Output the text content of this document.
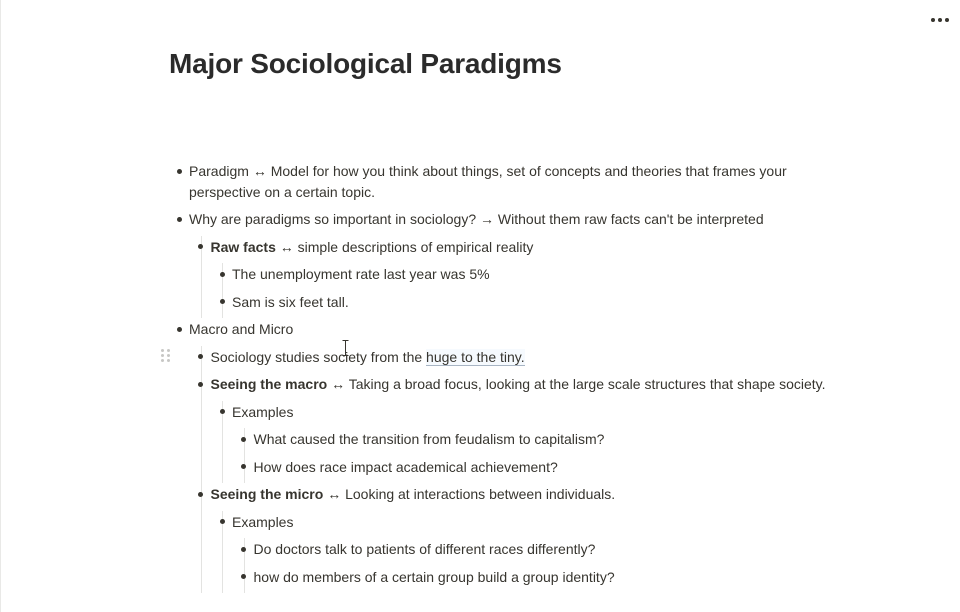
Major Sociological Paradigms
Paradigm ↔ Model for how you think about things, set of concepts and theories that frames your perspective on a certain topic.
Why are paradigms so important in sociology? → Without them raw facts can't be interpreted
Raw facts ↔ simple descriptions of empirical reality
The unemployment rate last year was 5%
Sam is six feet tall.
Macro and Micro
Sociology studies society from the huge to the tiny.
Seeing the macro ↔ Taking a broad focus, looking at the large scale structures that shape society.
Examples
What caused the transition from feudalism to capitalism?
How does race impact academical achievement?
Seeing the micro ↔ Looking at interactions between individuals.
Examples
Do doctors talk to patients of different races differently?
how do members of a certain group build a group identity?
